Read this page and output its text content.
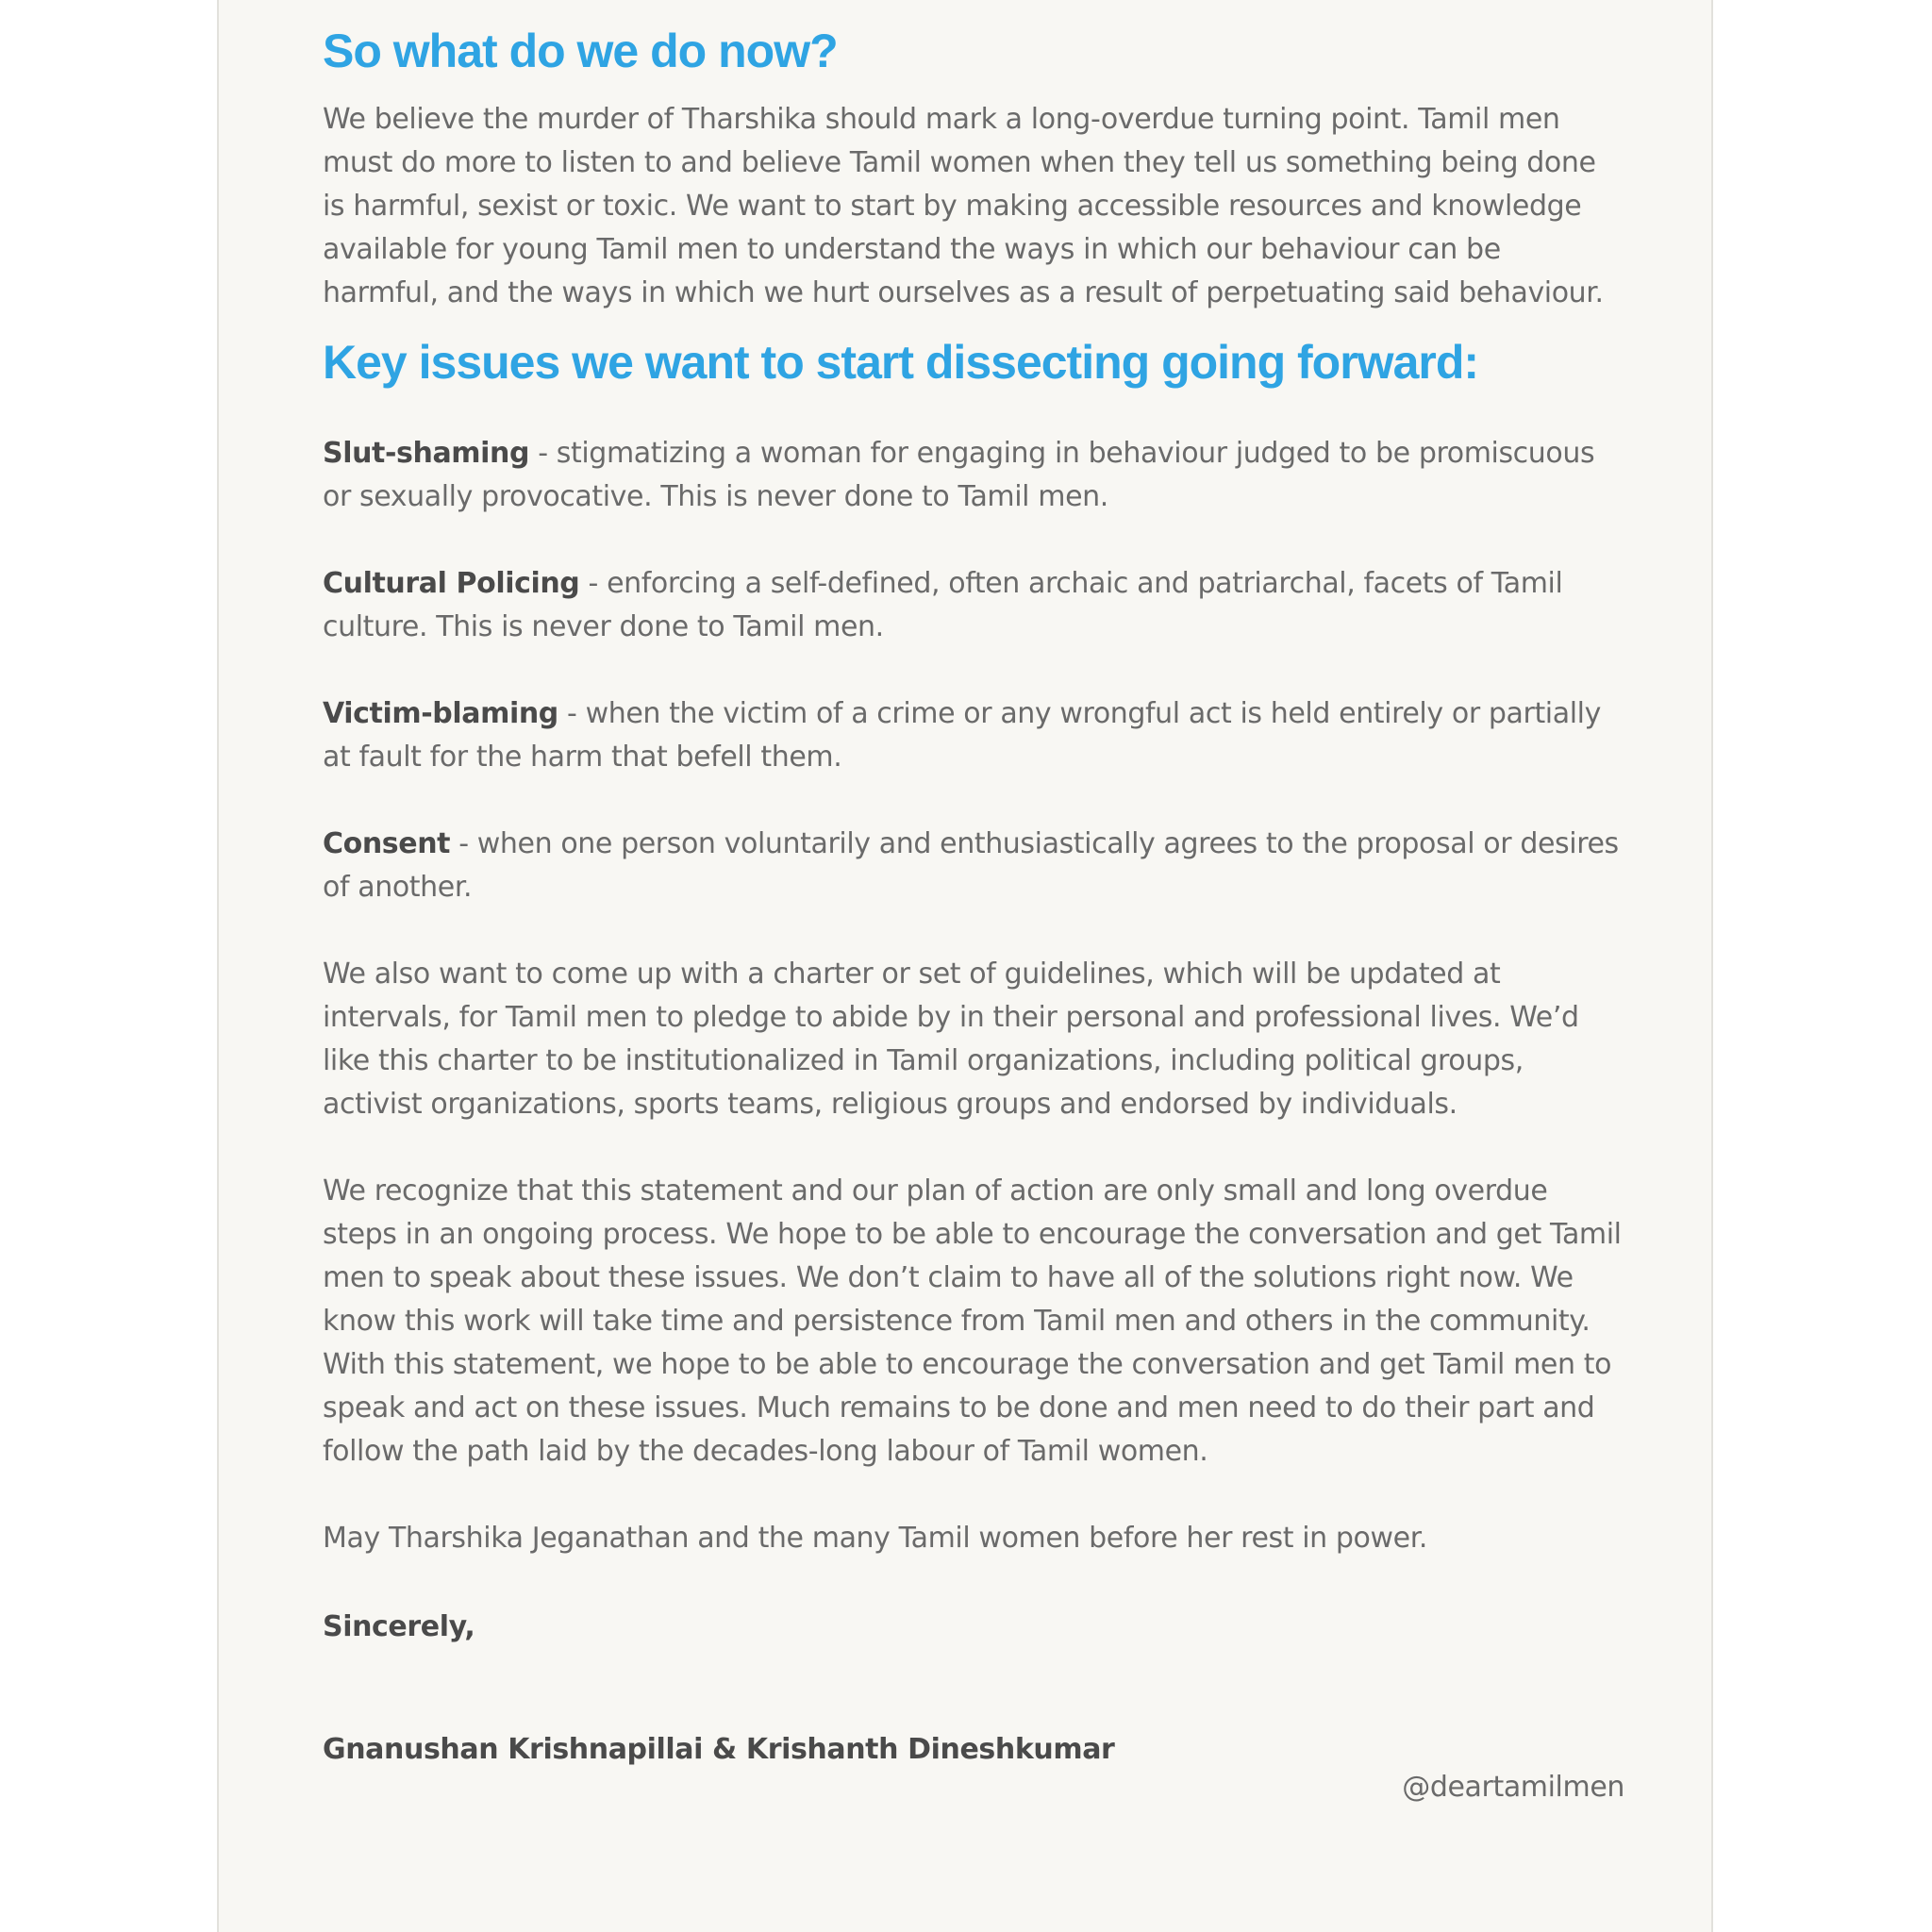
So what do we do now?

We believe the murder of Tharshika should mark a long-overdue turning point. Tamil men must do more to listen to and believe Tamil women when they tell us something being done is harmful, sexist or toxic. We want to start by making accessible resources and knowledge available for young Tamil men to understand the ways in which our behaviour can be harmful, and the ways in which we hurt ourselves as a result of perpetuating said behaviour.

Key issues we want to start dissecting going forward:

Slut-shaming - stigmatizing a woman for engaging in behaviour judged to be promiscuous or sexually provocative. This is never done to Tamil men.

Cultural Policing - enforcing a self-defined, often archaic and patriarchal, facets of Tamil culture. This is never done to Tamil men.

Victim-blaming - when the victim of a crime or any wrongful act is held entirely or partially at fault for the harm that befell them.

Consent - when one person voluntarily and enthusiastically agrees to the proposal or desires of another.

We also want to come up with a charter or set of guidelines, which will be updated at intervals, for Tamil men to pledge to abide by in their personal and professional lives. We’d like this charter to be institutionalized in Tamil organizations, including political groups, activist organizations, sports teams, religious groups and endorsed by individuals.

We recognize that this statement and our plan of action are only small and long overdue steps in an ongoing process. We hope to be able to encourage the conversation and get Tamil men to speak about these issues. We don’t claim to have all of the solutions right now. We know this work will take time and persistence from Tamil men and others in the community. With this statement, we hope to be able to encourage the conversation and get Tamil men to speak and act on these issues. Much remains to be done and men need to do their part and follow the path laid by the decades-long labour of Tamil women.

May Tharshika Jeganathan and the many Tamil women before her rest in power.

Sincerely,

Gnanushan Krishnapillai & Krishanth Dineshkumar

@deartamilmen
